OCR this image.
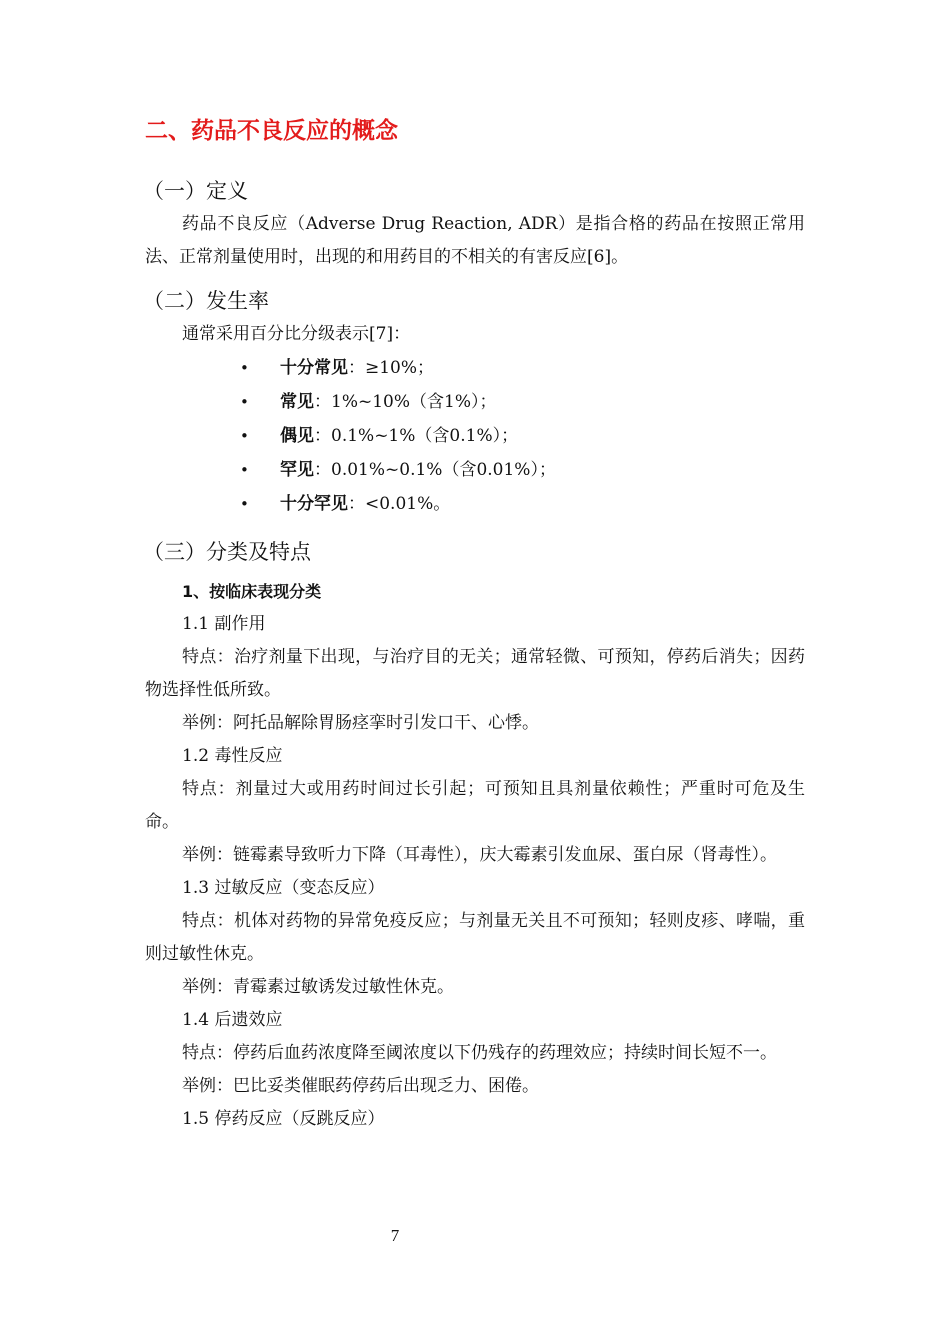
二、药品不良反应的概念
（一）定义

药品不良反应（Adverse Drug Reaction, ADR）是指合格的药品在按照正常用法、正常剂量使用时，出现的和用药目的不相关的有害反应[6]。

（二）发生率

通常采用百分比分级表示[7]：

• 十分常见：≥10%；
• 常见：1%~10%（含1%）；
• 偶见：0.1%~1%（含0.1%）；
• 罕见：0.01%~0.1%（含0.01%）；
• 十分罕见：<0.01%。
（三）分类及特点
1、按临床表现分类

1.1 副作用

特点：治疗剂量下出现，与治疗目的无关；通常轻微、可预知，停药后消失；因药物选择性低所致。

举例：阿托品解除胃肠痉挛时引发口干、心悸。

1.2 毒性反应

特点：剂量过大或用药时间过长引起；可预知且具剂量依赖性；严重时可危及生命。

举例：链霉素导致听力下降（耳毒性），庆大霉素引发血尿、蛋白尿（肾毒性）。

1.3 过敏反应（变态反应）

特点：机体对药物的异常免疫反应；与剂量无关且不可预知；轻则皮疹、哮喘，重则过敏性休克。

举例：青霉素过敏诱发过敏性休克。

1.4 后遗效应

特点：停药后血药浓度降至阈浓度以下仍残存的药理效应；持续时间长短不一。

举例：巴比妥类催眠药停药后出现乏力、困倦。

1.5 停药反应（反跳反应）

7
